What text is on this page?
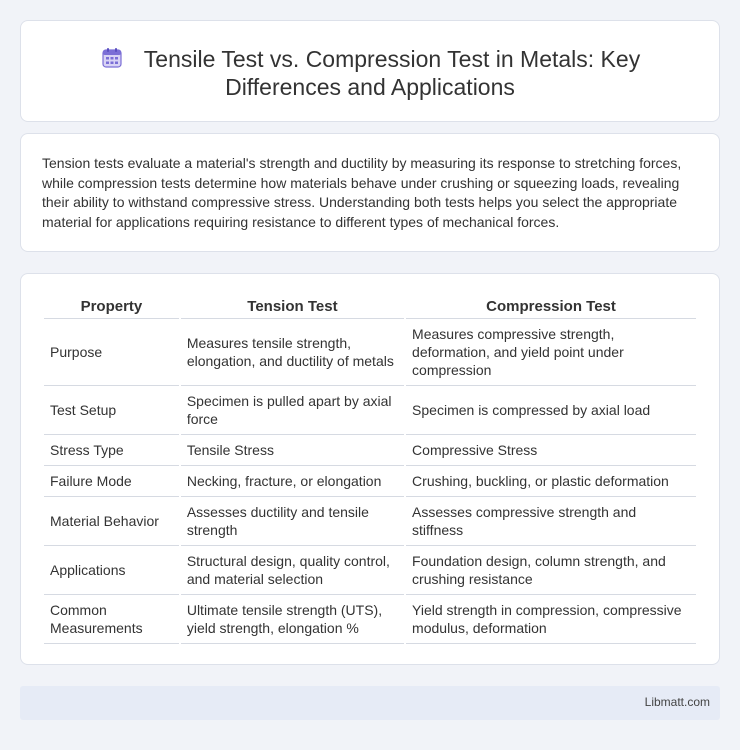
Tensile Test vs. Compression Test in Metals: Key Differences and Applications

Tension tests evaluate a material's strength and ductility by measuring its response to stretching forces, while compression tests determine how materials behave under crushing or squeezing loads, revealing their ability to withstand compressive stress. Understanding both tests helps you select the appropriate material for applications requiring resistance to different types of mechanical forces.

Property	Tension Test	Compression Test
Purpose	Measures tensile strength, elongation, and ductility of metals	Measures compressive strength, deformation, and yield point under compression
Test Setup	Specimen is pulled apart by axial force	Specimen is compressed by axial load
Stress Type	Tensile Stress	Compressive Stress
Failure Mode	Necking, fracture, or elongation	Crushing, buckling, or plastic deformation
Material Behavior	Assesses ductility and tensile strength	Assesses compressive strength and stiffness
Applications	Structural design, quality control, and material selection	Foundation design, column strength, and crushing resistance
Common Measurements	Ultimate tensile strength (UTS), yield strength, elongation %	Yield strength in compression, compressive modulus, deformation
Libmatt.com
